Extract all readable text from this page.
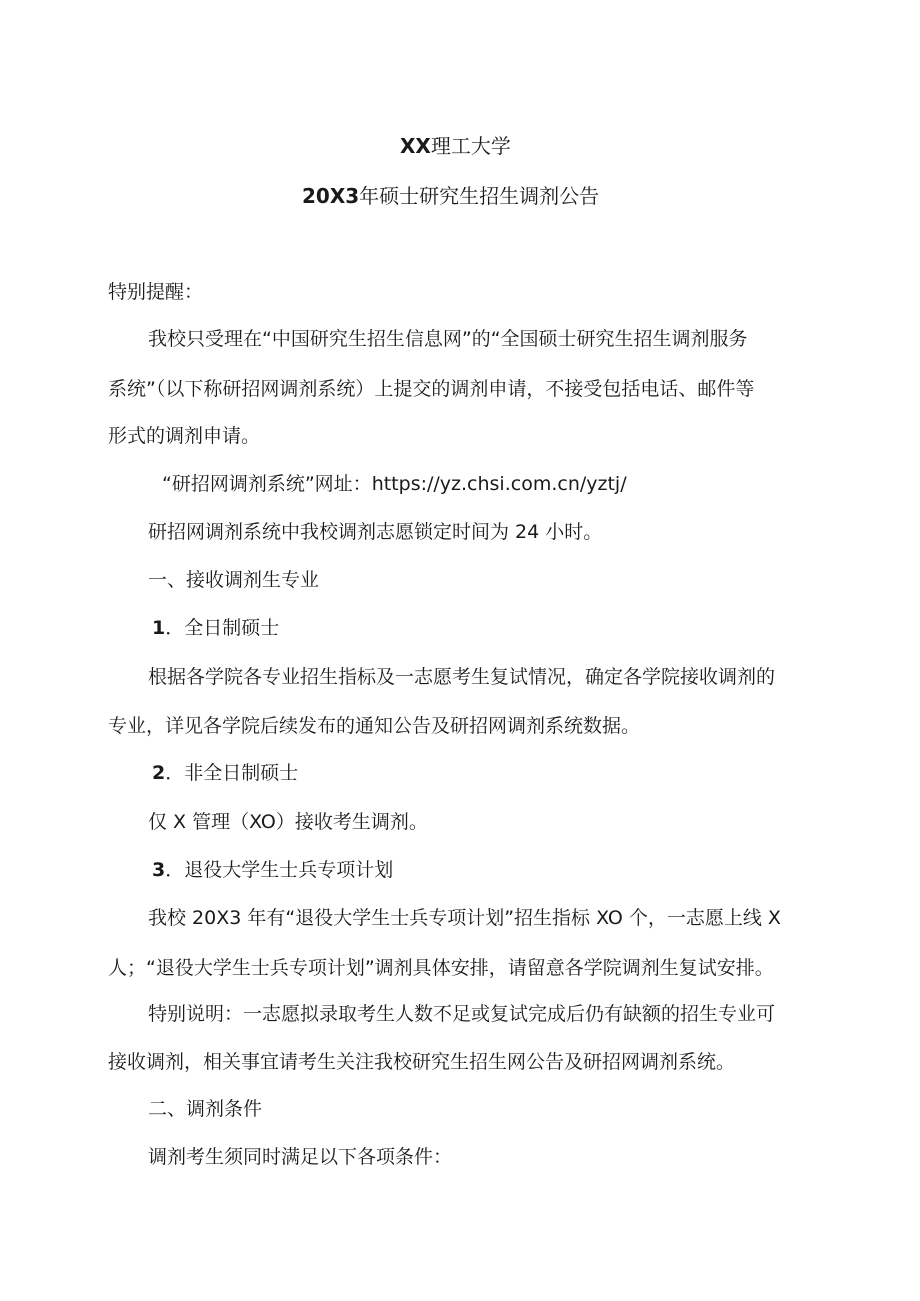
XX理工大学
20X3年硕士研究生招生调剂公告
特别提醒：
我校只受理在“中国研究生招生信息网”的“全国硕士研究生招生调剂服务
系统”（以下称研招网调剂系统）上提交的调剂申请，不接受包括电话、邮件等
形式的调剂申请。
“研招网调剂系统”网址：https://yz.chsi.com.cn/yztj/
研招网调剂系统中我校调剂志愿锁定时间为 24 小时。
一、接收调剂生专业
1．全日制硕士
根据各学院各专业招生指标及一志愿考生复试情况，确定各学院接收调剂的
专业，详见各学院后续发布的通知公告及研招网调剂系统数据。
2．非全日制硕士
仅 X 管理（XO）接收考生调剂。
3．退役大学生士兵专项计划
我校 20X3 年有“退役大学生士兵专项计划”招生指标 XO 个，一志愿上线 X
人；“退役大学生士兵专项计划”调剂具体安排，请留意各学院调剂生复试安排。
特别说明：一志愿拟录取考生人数不足或复试完成后仍有缺额的招生专业可
接收调剂，相关事宜请考生关注我校研究生招生网公告及研招网调剂系统。
二、调剂条件
调剂考生须同时满足以下各项条件：
